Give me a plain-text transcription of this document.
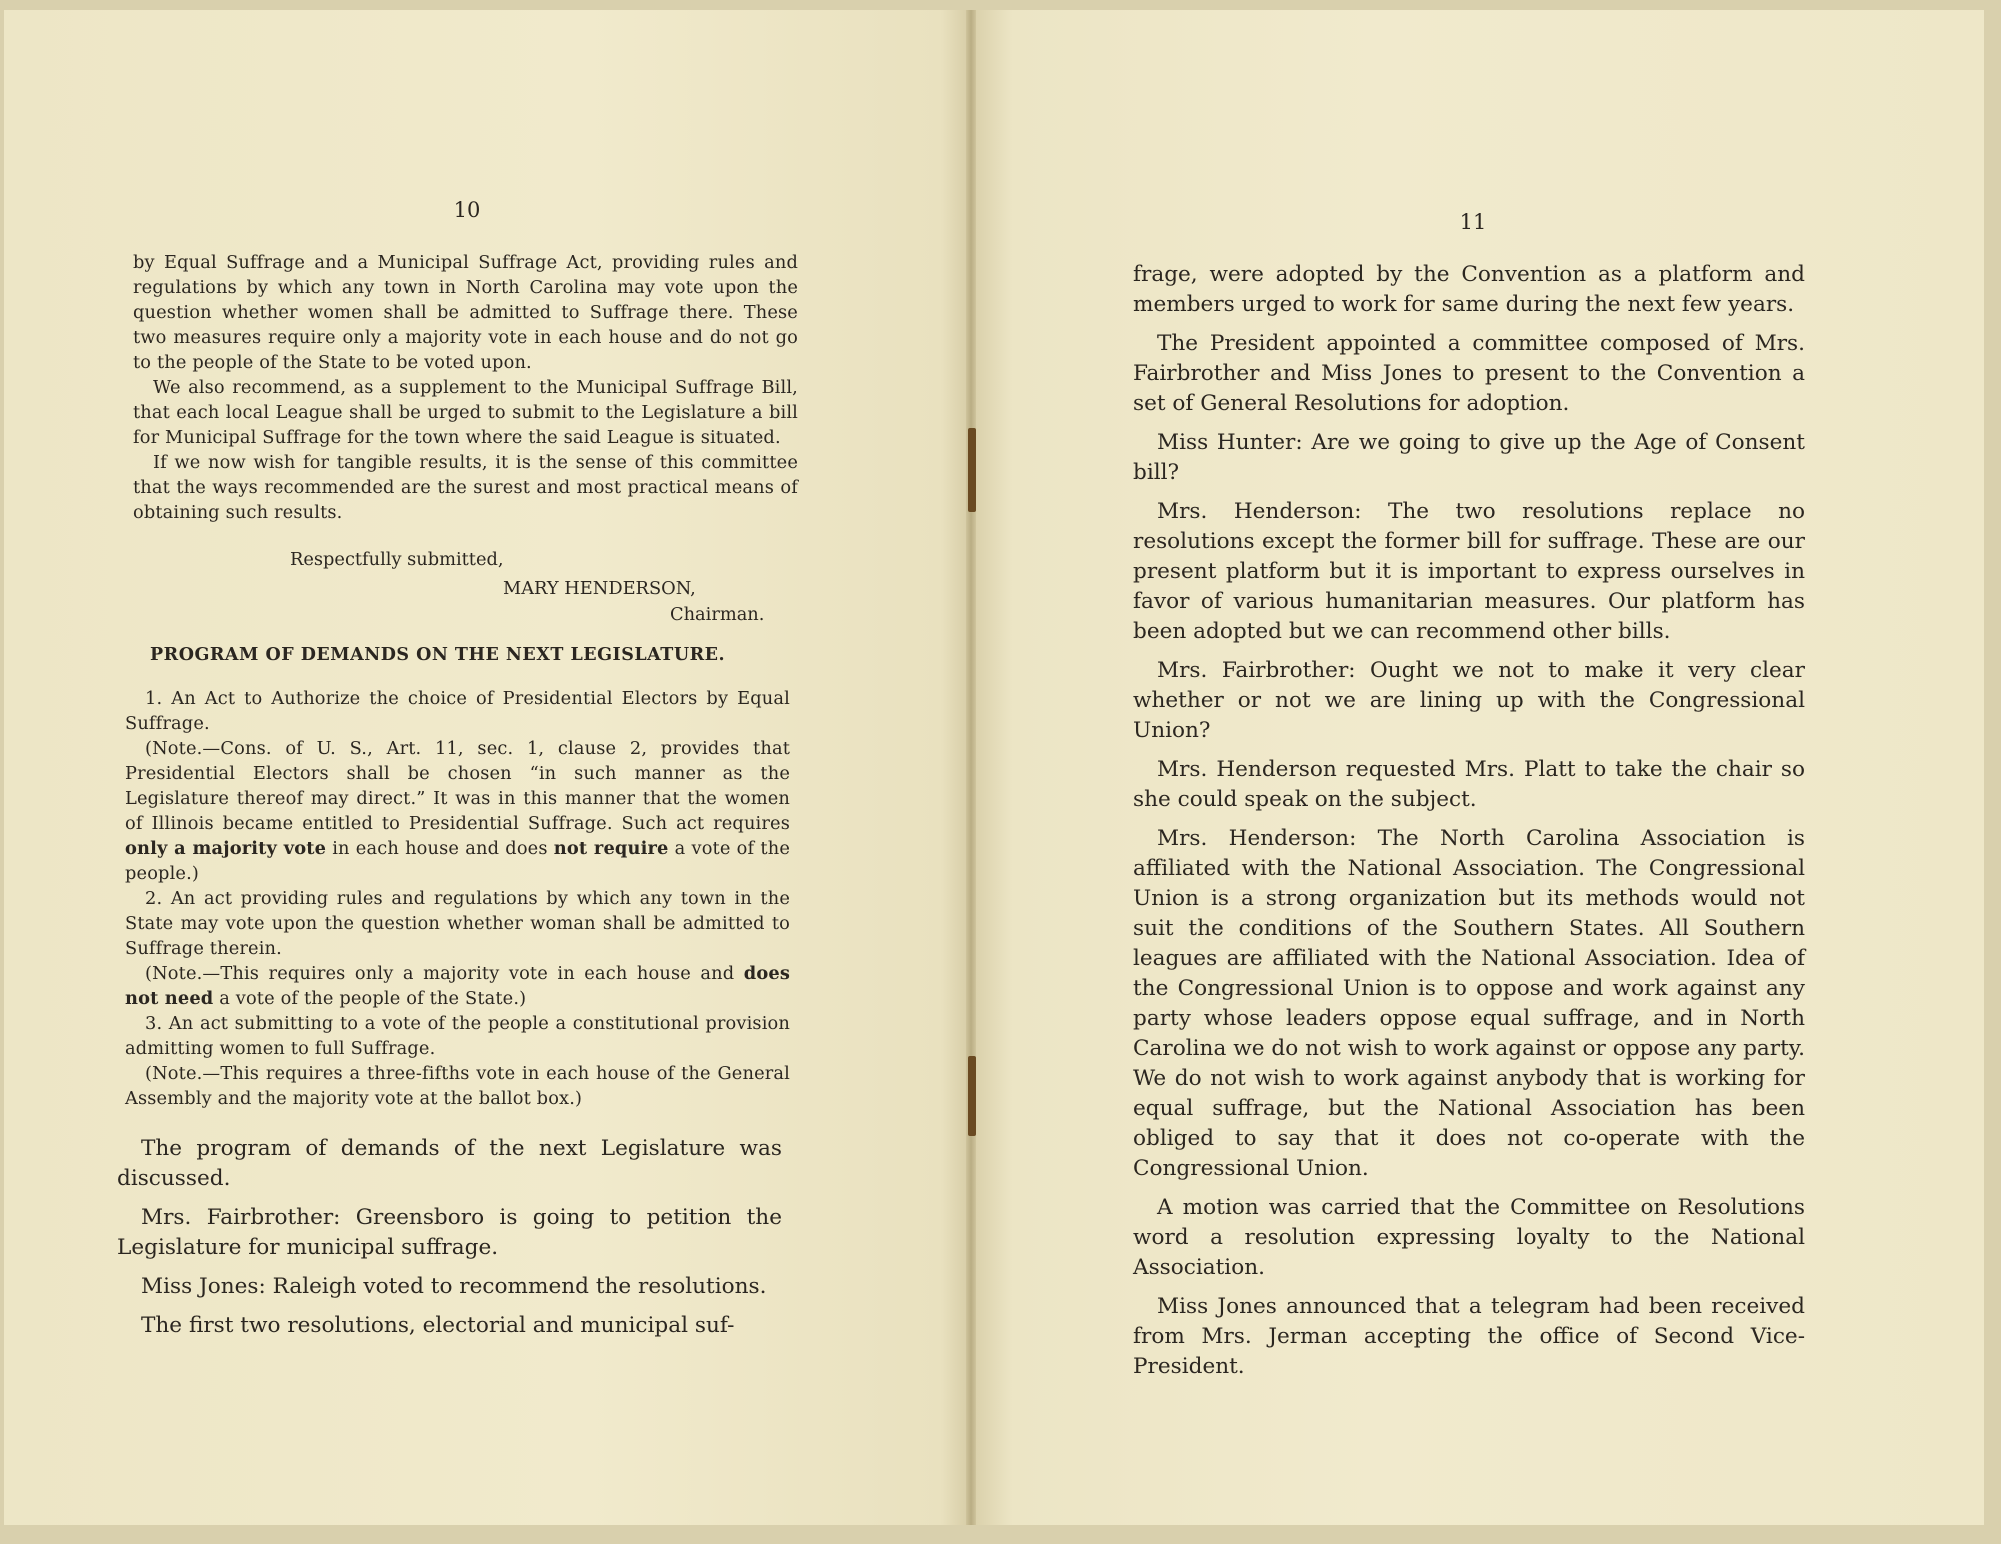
10

by Equal Suffrage and a Municipal Suffrage Act, providing rules and regulations by which any town in North Carolina may vote upon the question whether women shall be admitted to Suffrage there. These two measures require only a majority vote in each house and do not go to the people of the State to be voted upon.

We also recommend, as a supplement to the Municipal Suffrage Bill, that each local League shall be urged to submit to the Legislature a bill for Municipal Suffrage for the town where the said League is situated.

If we now wish for tangible results, it is the sense of this committee that the ways recommended are the surest and most practical means of obtaining such results.

Respectfully submitted,
MARY HENDERSON,
Chairman.
PROGRAM OF DEMANDS ON THE NEXT LEGISLATURE.

1. An Act to Authorize the choice of Presidential Electors by Equal Suffrage.

(Note.—Cons. of U. S., Art. 11, sec. 1, clause 2, provides that Presidential Electors shall be chosen “in such manner as the Legislature thereof may direct.” It was in this manner that the women of Illinois became entitled to Presidential Suffrage. Such act requires only a majority vote in each house and does not require a vote of the people.)

2. An act providing rules and regulations by which any town in the State may vote upon the question whether woman shall be admitted to Suffrage therein.

(Note.—This requires only a majority vote in each house and does not need a vote of the people of the State.)

3. An act submitting to a vote of the people a constitutional provision admitting women to full Suffrage.

(Note.—This requires a three-fifths vote in each house of the General Assembly and the majority vote at the ballot box.)

The program of demands of the next Legislature was discussed.

Mrs. Fairbrother: Greensboro is going to petition the Legislature for municipal suffrage.

Miss Jones: Raleigh voted to recommend the resolutions.

The first two resolutions, electorial and municipal suf-

11

frage, were adopted by the Convention as a platform and members urged to work for same during the next few years.

The President appointed a committee composed of Mrs. Fairbrother and Miss Jones to present to the Convention a set of General Resolutions for adoption.

Miss Hunter: Are we going to give up the Age of Consent bill?

Mrs. Henderson: The two resolutions replace no resolutions except the former bill for suffrage. These are our present platform but it is important to express ourselves in favor of various humanitarian measures. Our platform has been adopted but we can recommend other bills.

Mrs. Fairbrother: Ought we not to make it very clear whether or not we are lining up with the Congressional Union?

Mrs. Henderson requested Mrs. Platt to take the chair so she could speak on the subject.

Mrs. Henderson: The North Carolina Association is affiliated with the National Association. The Congressional Union is a strong organization but its methods would not suit the conditions of the Southern States. All Southern leagues are affiliated with the National Association. Idea of the Congressional Union is to oppose and work against any party whose leaders oppose equal suffrage, and in North Carolina we do not wish to work against or oppose any party. We do not wish to work against anybody that is working for equal suffrage, but the National Association has been obliged to say that it does not co-operate with the Congressional Union.

A motion was carried that the Committee on Resolutions word a resolution expressing loyalty to the National Association.

Miss Jones announced that a telegram had been received from Mrs. Jerman accepting the office of Second Vice-President.
